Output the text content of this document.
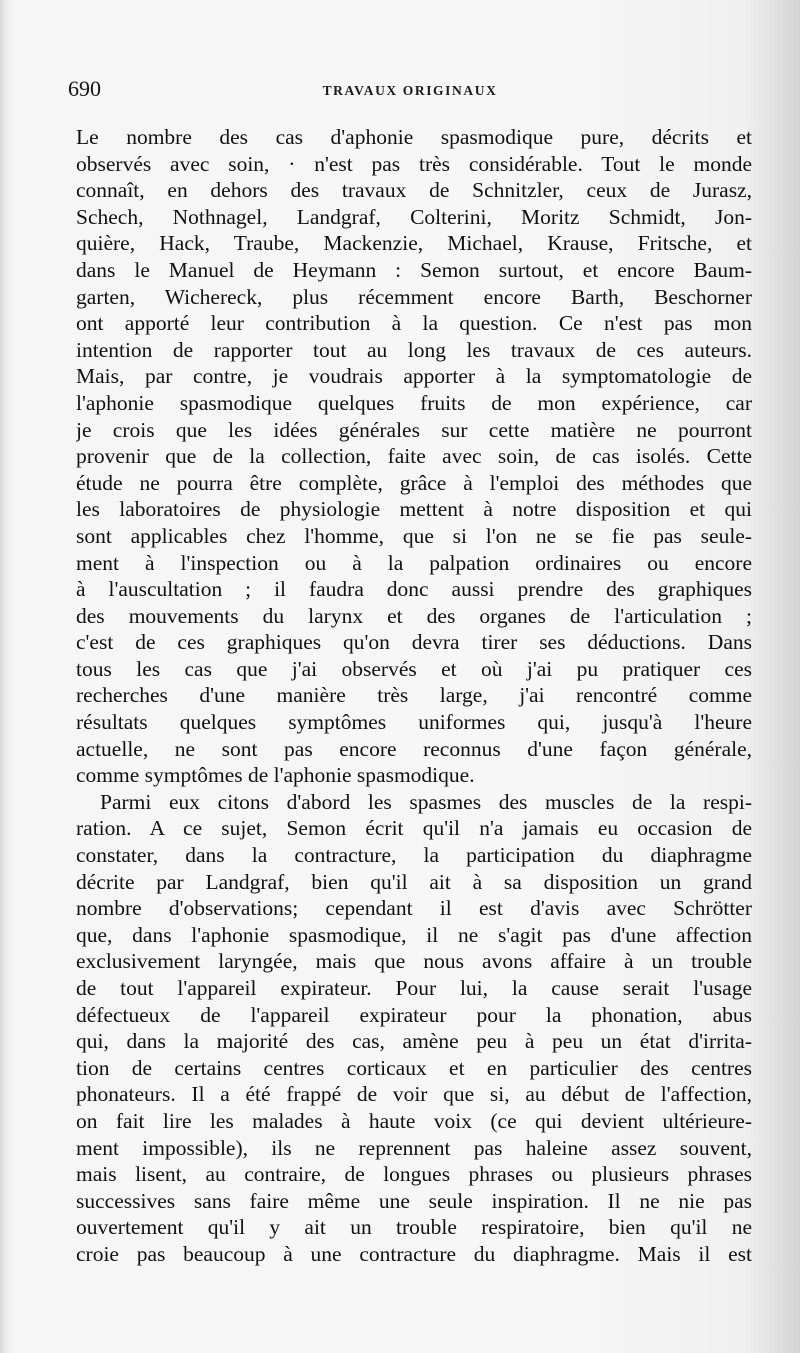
690	TRAVAUX ORIGINAUX
Le nombre des cas d'aphonie spasmodique pure, décrits et
observés avec soin, · n'est pas très considérable. Tout le monde
connaît, en dehors des travaux de Schnitzler, ceux de Jurasz,
Schech, Nothnagel, Landgraf, Colterini, Moritz Schmidt, Jon-
quière, Hack, Traube, Mackenzie, Michael, Krause, Fritsche, et
dans le Manuel de Heymann : Semon surtout, et encore Baum-
garten, Wichereck, plus récemment encore Barth, Beschorner
ont apporté leur contribution à la question. Ce n'est pas mon
intention de rapporter tout au long les travaux de ces auteurs.
Mais, par contre, je voudrais apporter à la symptomatologie de
l'aphonie spasmodique quelques fruits de mon expérience, car
je crois que les idées générales sur cette matière ne pourront
provenir que de la collection, faite avec soin, de cas isolés. Cette
étude ne pourra être complète, grâce à l'emploi des méthodes que
les laboratoires de physiologie mettent à notre disposition et qui
sont applicables chez l'homme, que si l'on ne se fie pas seule-
ment à l'inspection ou à la palpation ordinaires ou encore
à l'auscultation ; il faudra donc aussi prendre des graphiques
des mouvements du larynx et des organes de l'articulation ;
c'est de ces graphiques qu'on devra tirer ses déductions. Dans
tous les cas que j'ai observés et où j'ai pu pratiquer ces
recherches d'une manière très large, j'ai rencontré comme
résultats quelques symptômes uniformes qui, jusqu'à l'heure
actuelle, ne sont pas encore reconnus d'une façon générale,
comme symptômes de l'aphonie spasmodique.
Parmi eux citons d'abord les spasmes des muscles de la respi-
ration. A ce sujet, Semon écrit qu'il n'a jamais eu occasion de
constater, dans la contracture, la participation du diaphragme
décrite par Landgraf, bien qu'il ait à sa disposition un grand
nombre d'observations; cependant il est d'avis avec Schrötter
que, dans l'aphonie spasmodique, il ne s'agit pas d'une affection
exclusivement laryngée, mais que nous avons affaire à un trouble
de tout l'appareil expirateur. Pour lui, la cause serait l'usage
défectueux de l'appareil expirateur pour la phonation, abus
qui, dans la majorité des cas, amène peu à peu un état d'irrita-
tion de certains centres corticaux et en particulier des centres
phonateurs. Il a été frappé de voir que si, au début de l'affection,
on fait lire les malades à haute voix (ce qui devient ultérieure-
ment impossible), ils ne reprennent pas haleine assez souvent,
mais lisent, au contraire, de longues phrases ou plusieurs phrases
successives sans faire même une seule inspiration. Il ne nie pas
ouvertement qu'il y ait un trouble respiratoire, bien qu'il ne
croie pas beaucoup à une contracture du diaphragme. Mais il est
